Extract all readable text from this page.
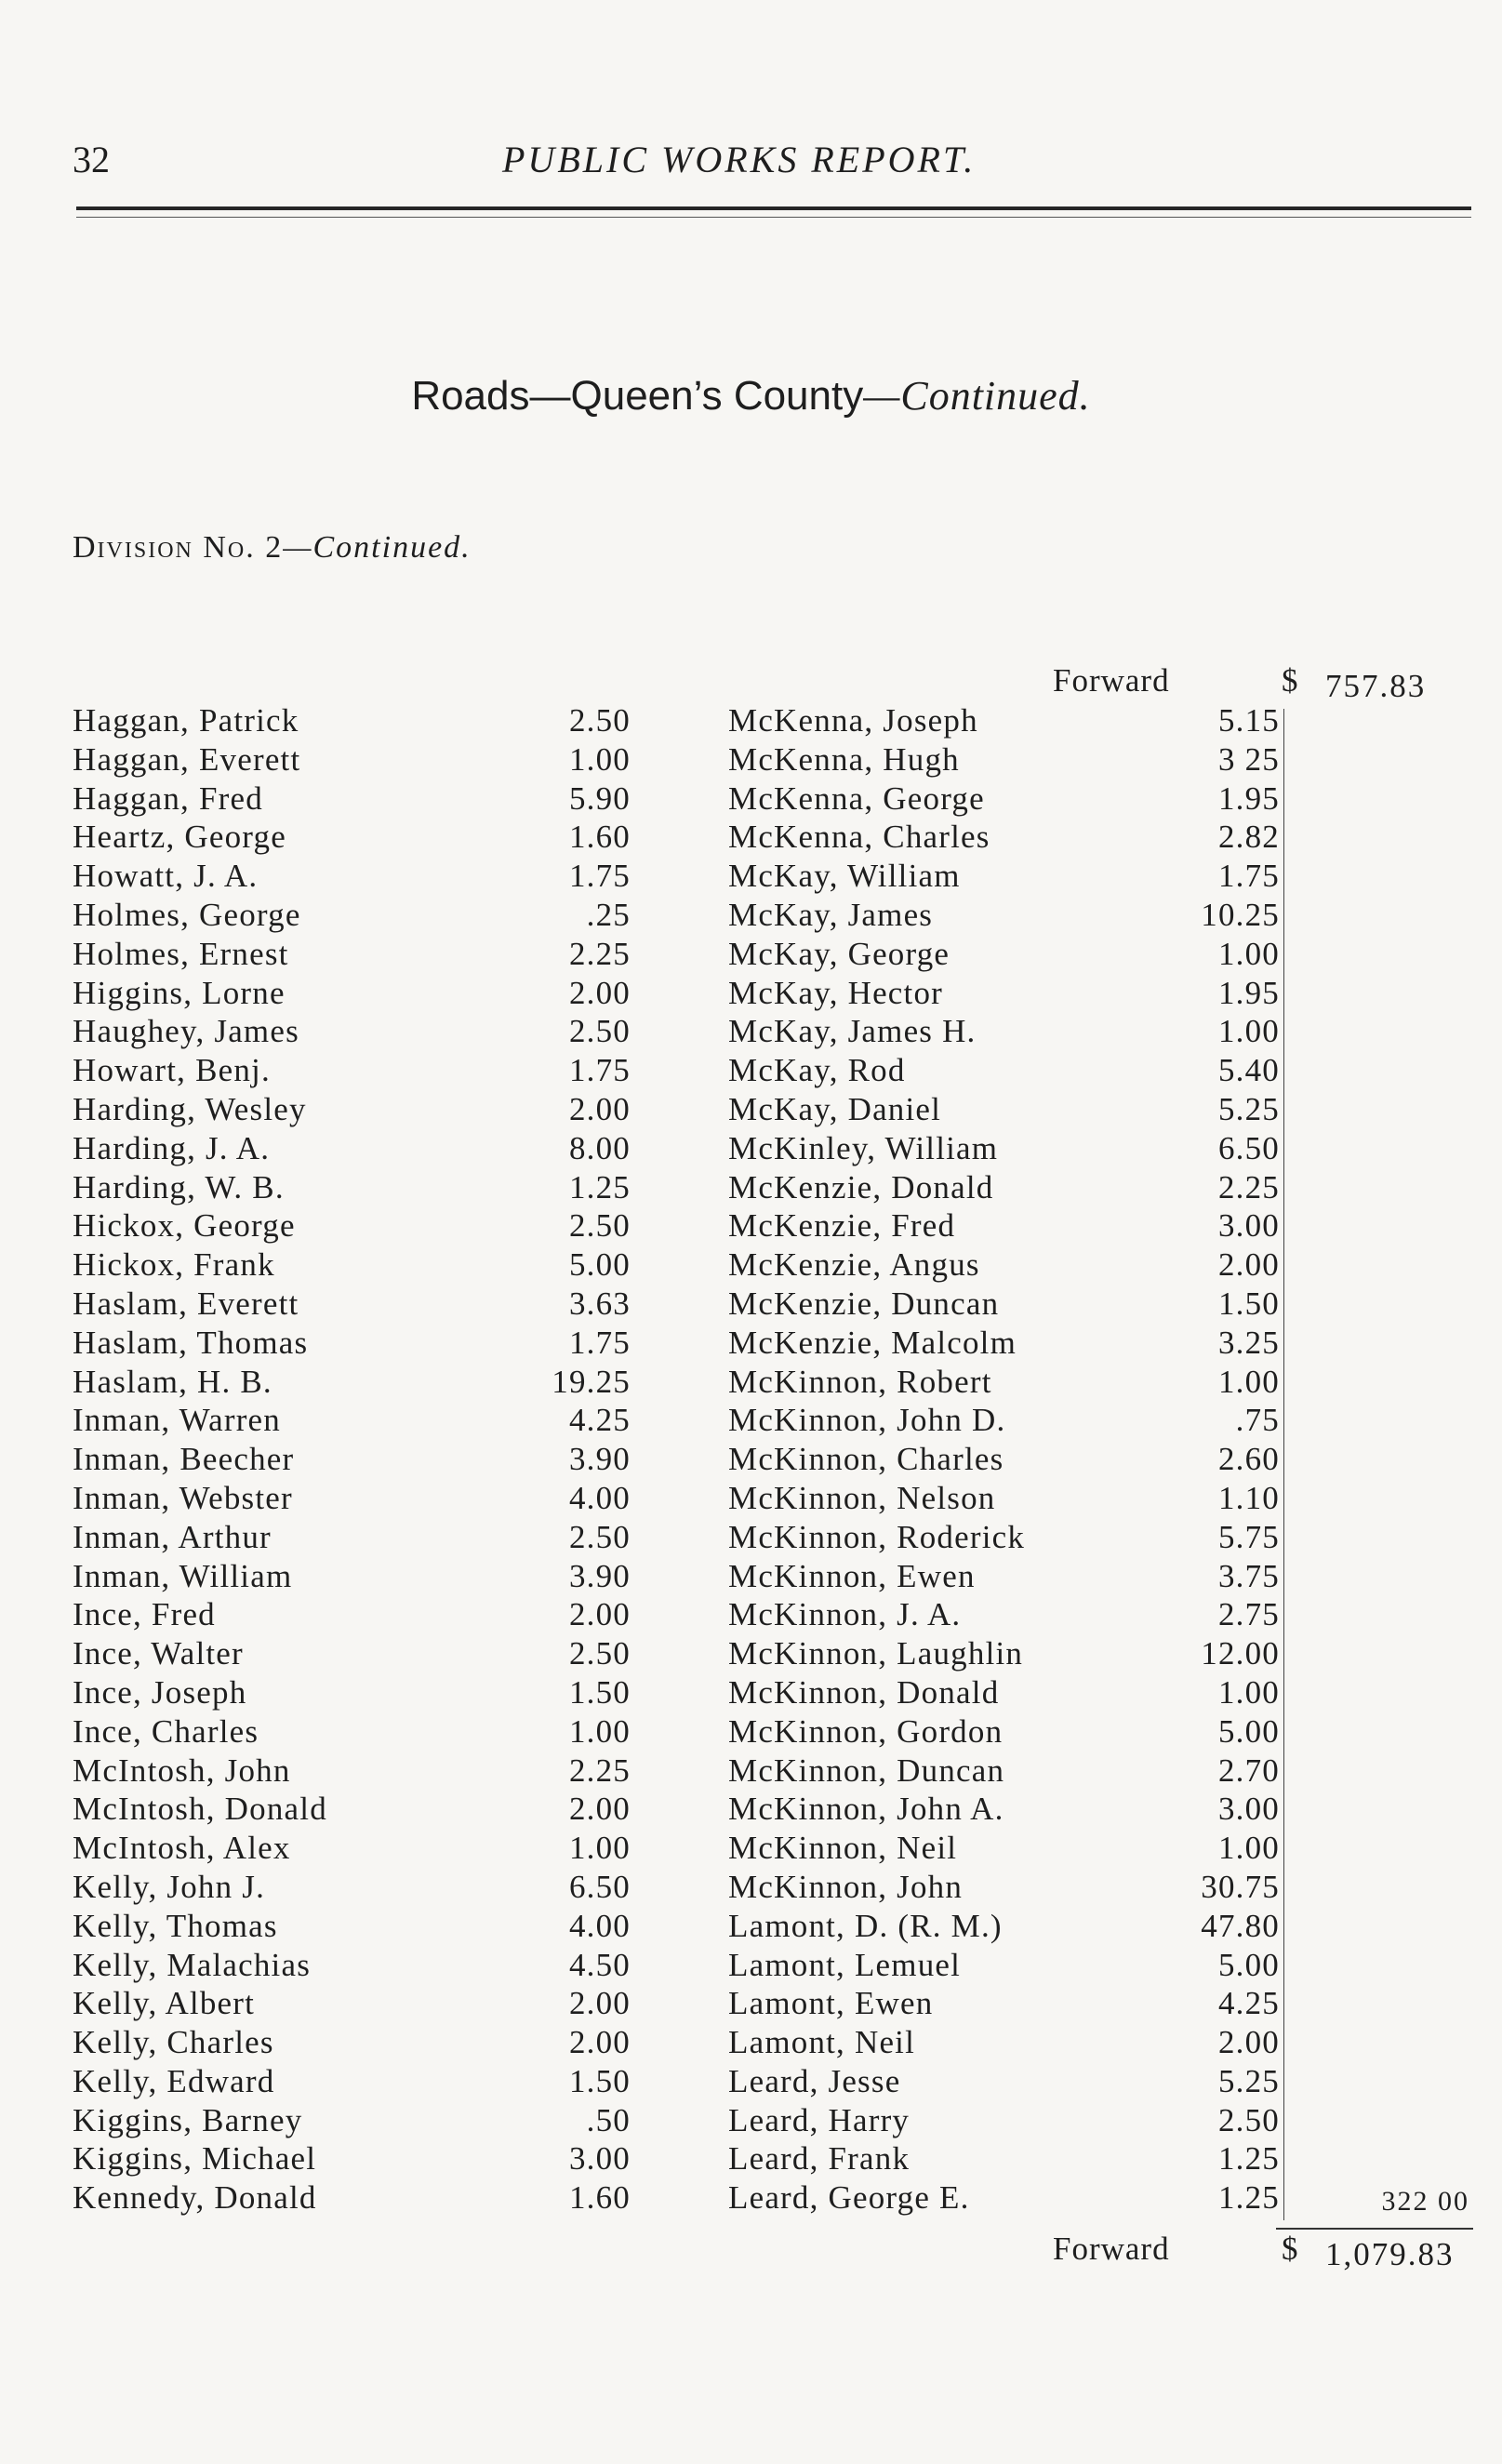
32	PUBLIC WORKS REPORT.
Roads—Queen’s County—Continued.
Division No. 2—Continued.
Forward	$ 757.83
Haggan, Patrick	2.50	McKenna, Joseph	5.15
Haggan, Everett	1.00	McKenna, Hugh	3 25
Haggan, Fred	5.90	McKenna, George	1.95
Heartz, George	1.60	McKenna, Charles	2.82
Howatt, J. A.	1.75	McKay, William	1.75
Holmes, George	.25	McKay, James	10.25
Holmes, Ernest	2.25	McKay, George	1.00
Higgins, Lorne	2.00	McKay, Hector	1.95
Haughey, James	2.50	McKay, James H.	1.00
Howart, Benj.	1.75	McKay, Rod	5.40
Harding, Wesley	2.00	McKay, Daniel	5.25
Harding, J. A.	8.00	McKinley, William	6.50
Harding, W. B.	1.25	McKenzie, Donald	2.25
Hickox, George	2.50	McKenzie, Fred	3.00
Hickox, Frank	5.00	McKenzie, Angus	2.00
Haslam, Everett	3.63	McKenzie, Duncan	1.50
Haslam, Thomas	1.75	McKenzie, Malcolm	3.25
Haslam, H. B.	19.25	McKinnon, Robert	1.00
Inman, Warren	4.25	McKinnon, John D.	.75
Inman, Beecher	3.90	McKinnon, Charles	2.60
Inman, Webster	4.00	McKinnon, Nelson	1.10
Inman, Arthur	2.50	McKinnon, Roderick	5.75
Inman, William	3.90	McKinnon, Ewen	3.75
Ince, Fred	2.00	McKinnon, J. A.	2.75
Ince, Walter	2.50	McKinnon, Laughlin	12.00
Ince, Joseph	1.50	McKinnon, Donald	1.00
Ince, Charles	1.00	McKinnon, Gordon	5.00
McIntosh, John	2.25	McKinnon, Duncan	2.70
McIntosh, Donald	2.00	McKinnon, John A.	3.00
McIntosh, Alex	1.00	McKinnon, Neil	1.00
Kelly, John J.	6.50	McKinnon, John	30.75
Kelly, Thomas	4.00	Lamont, D. (R. M.)	47.80
Kelly, Malachias	4.50	Lamont, Lemuel	5.00
Kelly, Albert	2.00	Lamont, Ewen	4.25
Kelly, Charles	2.00	Lamont, Neil	2.00
Kelly, Edward	1.50	Leard, Jesse	5.25
Kiggins, Barney	.50	Leard, Harry	2.50
Kiggins, Michael	3.00	Leard, Frank	1.25
Kennedy, Donald	1.60	Leard, George E.	1.25	322 00
Forward	$ 1,079.83
